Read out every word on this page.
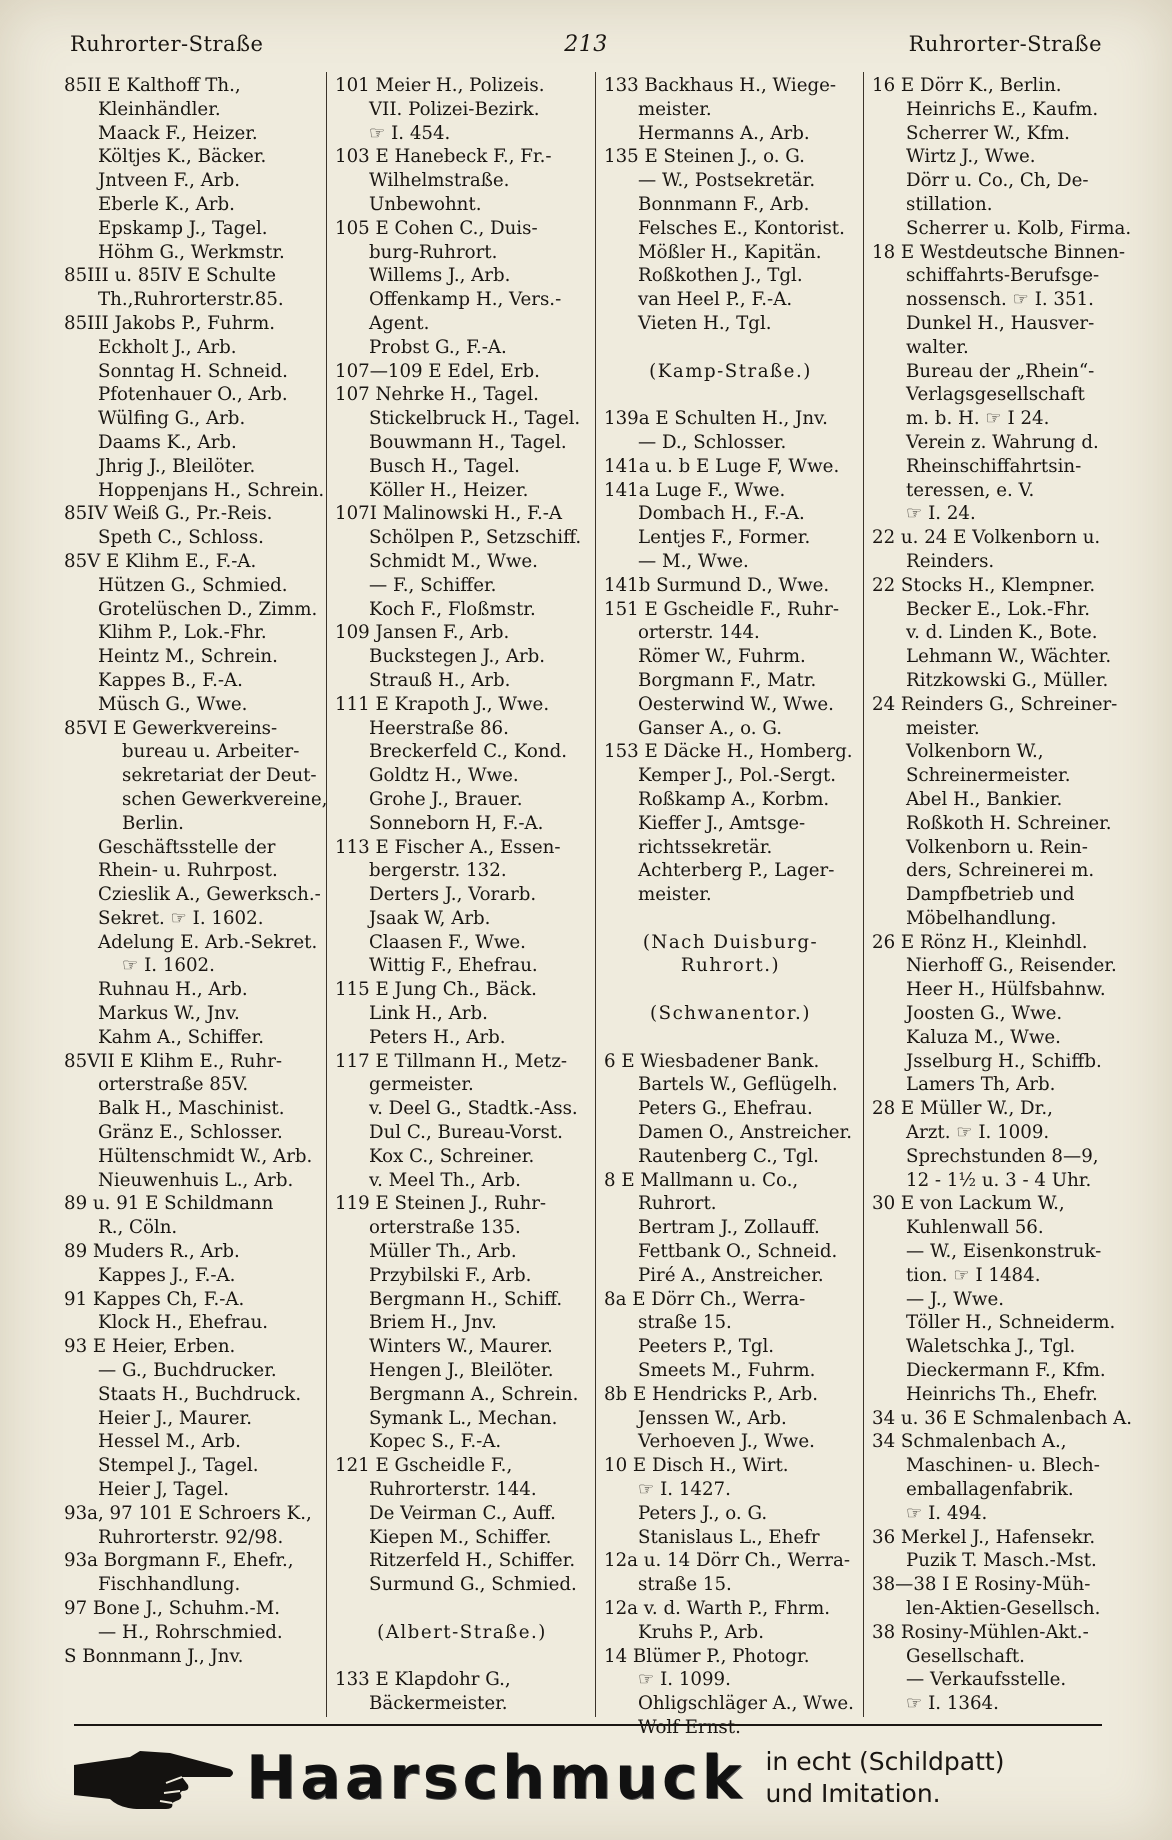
Ruhrorter-Straße	213	Ruhrorter-Straße
85II E Kalthoff Th.,
Kleinhändler.
Maack F., Heizer.
Költjes K., Bäcker.
Jntveen F., Arb.
Eberle K., Arb.
Epskamp J., Tagel.
Höhm G., Werkmstr.
85III u. 85IV E Schulte
Th.,Ruhrorterstr.85.
85III Jakobs P., Fuhrm.
Eckholt J., Arb.
Sonntag H. Schneid.
Pfotenhauer O., Arb.
Wülfing G., Arb.
Daams K., Arb.
Jhrig J., Bleilöter.
Hoppenjans H., Schrein.
85IV Weiß G., Pr.-Reis.
Speth C., Schloss.
85V E Klihm E., F.-A.
Hützen G., Schmied.
Grotelüschen D., Zimm.
Klihm P., Lok.-Fhr.
Heintz M., Schrein.
Kappes B., F.-A.
Müsch G., Wwe.
85VI E Gewerkvereins-
bureau u. Arbeiter-
sekretariat der Deut-
schen Gewerkvereine,
Berlin.
Geschäftsstelle der
Rhein- u. Ruhrpost.
Czieslik A., Gewerksch.-
Sekret. ☞ I. 1602.
Adelung E. Arb.-Sekret.
☞ I. 1602.
Ruhnau H., Arb.
Markus W., Jnv.
Kahm A., Schiffer.
85VII E Klihm E., Ruhr-
orterstraße 85V.
Balk H., Maschinist.
Gränz E., Schlosser.
Hültenschmidt W., Arb.
Nieuwenhuis L., Arb.
89 u. 91 E Schildmann
R., Cöln.
89 Muders R., Arb.
Kappes J., F.-A.
91 Kappes Ch, F.-A.
Klock H., Ehefrau.
93 E Heier, Erben.
— G., Buchdrucker.
Staats H., Buchdruck.
Heier J., Maurer.
Hessel M., Arb.
Stempel J., Tagel.
Heier J, Tagel.
93a, 97 101 E Schroers K.,
Ruhrorterstr. 92/98.
93a Borgmann F., Ehefr.,
Fischhandlung.
97 Bone J., Schuhm.-M.
— H., Rohrschmied.
S Bonnmann J., Jnv.
101 Meier H., Polizeis.
VII. Polizei-Bezirk.
☞ I. 454.
103 E Hanebeck F., Fr.-
Wilhelmstraße.
Unbewohnt.
105 E Cohen C., Duis-
burg-Ruhrort.
Willems J., Arb.
Offenkamp H., Vers.-
Agent.
Probst G., F.-A.
107—109 E Edel, Erb.
107 Nehrke H., Tagel.
Stickelbruck H., Tagel.
Bouwmann H., Tagel.
Busch H., Tagel.
Köller H., Heizer.
107I Malinowski H., F.-A
Schölpen P., Setzschiff.
Schmidt M., Wwe.
— F., Schiffer.
Koch F., Floßmstr.
109 Jansen F., Arb.
Buckstegen J., Arb.
Strauß H., Arb.
111 E Krapoth J., Wwe.
Heerstraße 86.
Breckerfeld C., Kond.
Goldtz H., Wwe.
Grohe J., Brauer.
Sonneborn H, F.-A.
113 E Fischer A., Essen-
bergerstr. 132.
Derters J., Vorarb.
Jsaak W, Arb.
Claasen F., Wwe.
Wittig F., Ehefrau.
115 E Jung Ch., Bäck.
Link H., Arb.
Peters H., Arb.
117 E Tillmann H., Metz-
germeister.
v. Deel G., Stadtk.-Ass.
Dul C., Bureau-Vorst.
Kox C., Schreiner.
v. Meel Th., Arb.
119 E Steinen J., Ruhr-
orterstraße 135.
Müller Th., Arb.
Przybilski F., Arb.
Bergmann H., Schiff.
Briem H., Jnv.
Winters W., Maurer.
Hengen J., Bleilöter.
Bergmann A., Schrein.
Symank L., Mechan.
Kopec S., F.-A.
121 E Gscheidle F.,
Ruhrorterstr. 144.
De Veirman C., Auff.
Kiepen M., Schiffer.
Ritzerfeld H., Schiffer.
Surmund G., Schmied.

(Albert-Straße.)

133 E Klapdohr G.,
Bäckermeister.
133 Backhaus H., Wiege-
meister.
Hermanns A., Arb.
135 E Steinen J., o. G.
— W., Postsekretär.
Bonnmann F., Arb.
Felsches E., Kontorist.
Mößler H., Kapitän.
Roßkothen J., Tgl.
van Heel P., F.-A.
Vieten H., Tgl.

(Kamp-Straße.)

139a E Schulten H., Jnv.
— D., Schlosser.
141a u. b E Luge F, Wwe.
141a Luge F., Wwe.
Dombach H., F.-A.
Lentjes F., Former.
— M., Wwe.
141b Surmund D., Wwe.
151 E Gscheidle F., Ruhr-
orterstr. 144.
Römer W., Fuhrm.
Borgmann F., Matr.
Oesterwind W., Wwe.
Ganser A., o. G.
153 E Däcke H., Homberg.
Kemper J., Pol.-Sergt.
Roßkamp A., Korbm.
Kieffer J., Amtsge-
richtssekretär.
Achterberg P., Lager-
meister.

(Nach Duisburg-
Ruhrort.)

(Schwanentor.)

6 E Wiesbadener Bank.
Bartels W., Geflügelh.
Peters G., Ehefrau.
Damen O., Anstreicher.
Rautenberg C., Tgl.
8 E Mallmann u. Co.,
Ruhrort.
Bertram J., Zollauff.
Fettbank O., Schneid.
Piré A., Anstreicher.
8a E Dörr Ch., Werra-
straße 15.
Peeters P., Tgl.
Smeets M., Fuhrm.
8b E Hendricks P., Arb.
Jenssen W., Arb.
Verhoeven J., Wwe.
10 E Disch H., Wirt.
☞ I. 1427.
Peters J., o. G.
Stanislaus L., Ehefr
12a u. 14 Dörr Ch., Werra-
straße 15.
12a v. d. Warth P., Fhrm.
Kruhs P., Arb.
14 Blümer P., Photogr.
☞ I. 1099.
Ohligschläger A., Wwe.
Wolf Ernst.
16 E Dörr K., Berlin.
Heinrichs E., Kaufm.
Scherrer W., Kfm.
Wirtz J., Wwe.
Dörr u. Co., Ch, De-
stillation.
Scherrer u. Kolb, Firma.
18 E Westdeutsche Binnen-
schiffahrts-Berufsge-
nossensch. ☞ I. 351.
Dunkel H., Hausver-
walter.
Bureau der „Rhein“-
Verlagsgesellschaft
m. b. H. ☞ I 24.
Verein z. Wahrung d.
Rheinschiffahrtsin-
teressen, e. V.
☞ I. 24.
22 u. 24 E Volkenborn u.
Reinders.
22 Stocks H., Klempner.
Becker E., Lok.-Fhr.
v. d. Linden K., Bote.
Lehmann W., Wächter.
Ritzkowski G., Müller.
24 Reinders G., Schreiner-
meister.
Volkenborn W.,
Schreinermeister.
Abel H., Bankier.
Roßkoth H. Schreiner.
Volkenborn u. Rein-
ders, Schreinerei m.
Dampfbetrieb und
Möbelhandlung.
26 E Rönz H., Kleinhdl.
Nierhoff G., Reisender.
Heer H., Hülfsbahnw.
Joosten G., Wwe.
Kaluza M., Wwe.
Jsselburg H., Schiffb.
Lamers Th, Arb.
28 E Müller W., Dr.,
Arzt. ☞ I. 1009.
Sprechstunden 8—9,
12 - 1½ u. 3 - 4 Uhr.
30 E von Lackum W.,
Kuhlenwall 56.
— W., Eisenkonstruk-
tion. ☞ I 1484.
— J., Wwe.
Töller H., Schneiderm.
Waletschka J., Tgl.
Dieckermann F., Kfm.
Heinrichs Th., Ehefr.
34 u. 36 E Schmalenbach A.
34 Schmalenbach A.,
Maschinen- u. Blech-
emballagenfabrik.
☞ I. 494.
36 Merkel J., Hafensekr.
Puzik T. Masch.-Mst.
38—38 I E Rosiny-Müh-
len-Aktien-Gesellsch.
38 Rosiny-Mühlen-Akt.-
Gesellschaft.
— Verkaufsstelle.
☞ I. 1364.
Haarschmuck in echt (Schildpatt)
und Imitation.
